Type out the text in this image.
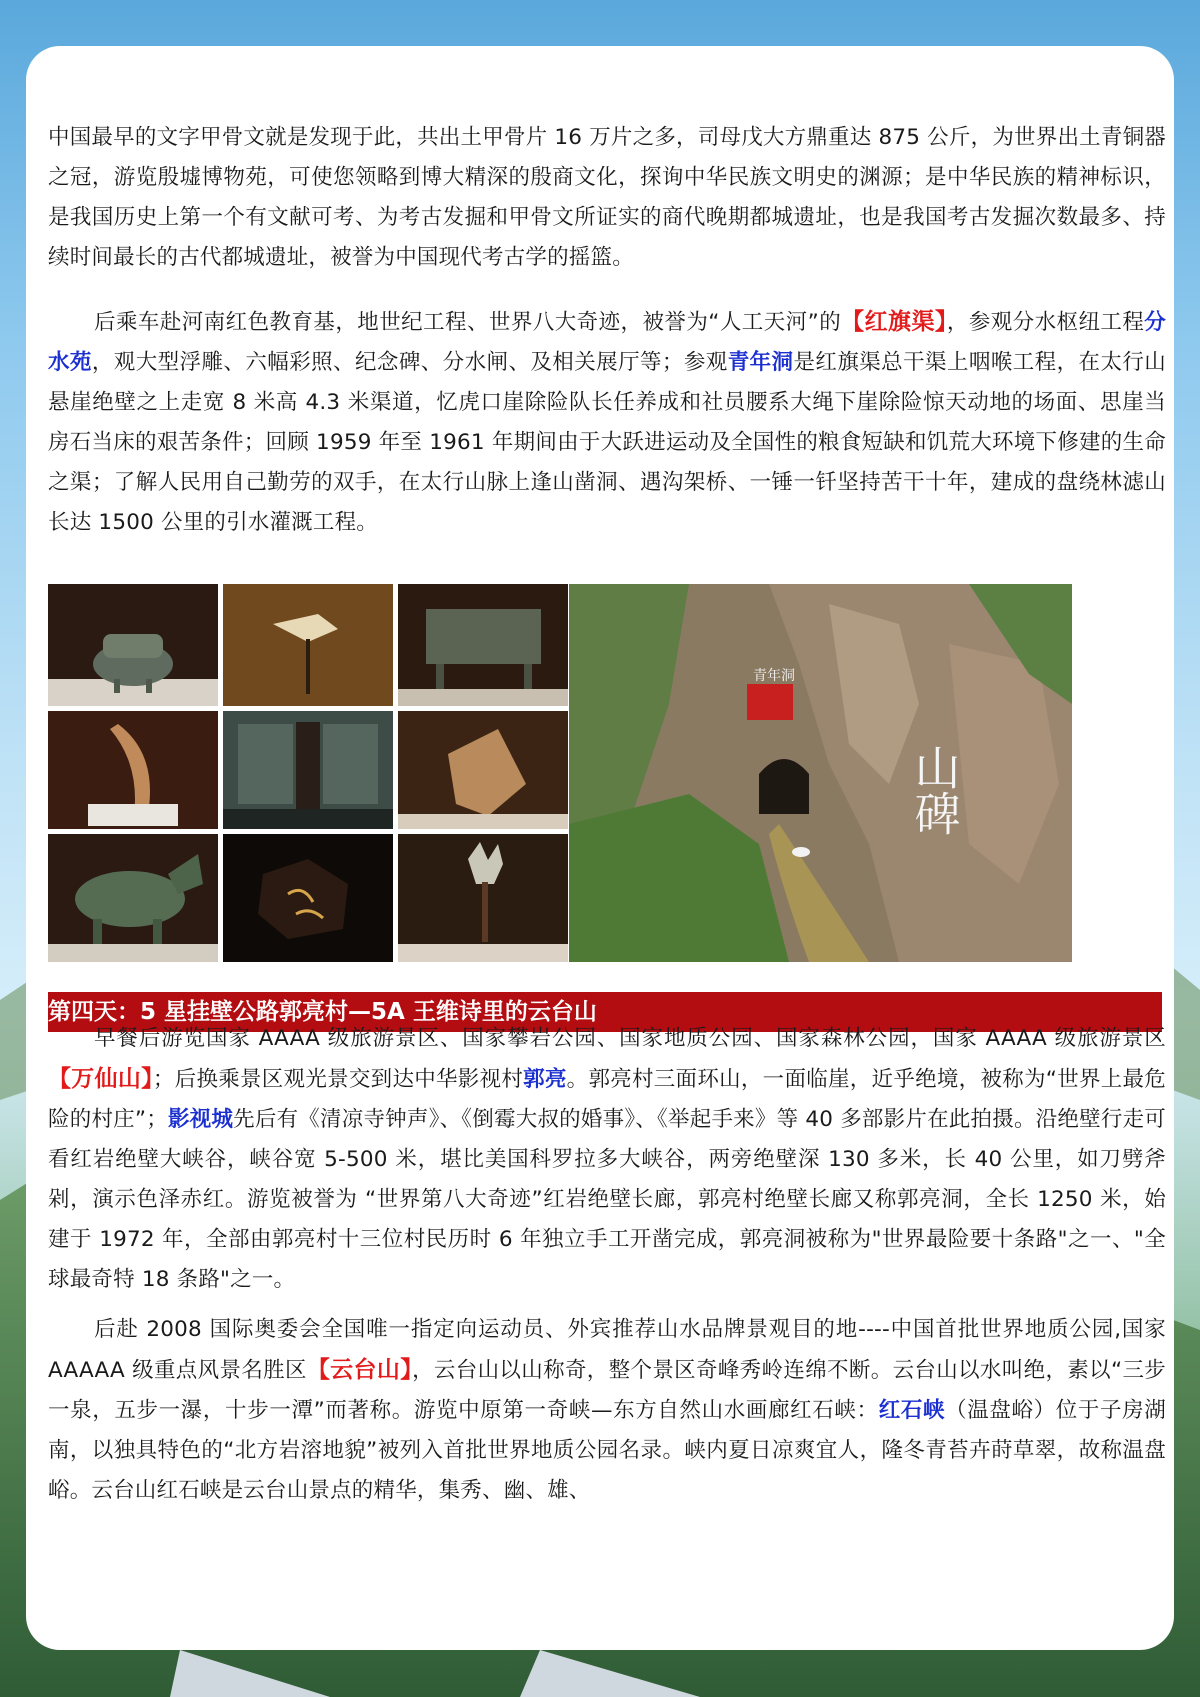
中国最早的文字甲骨文就是发现于此，共出土甲骨片 16 万片之多，司母戊大方鼎重达 875 公斤，为世界出土青铜器之冠，游览殷墟博物苑，可使您领略到博大精深的殷商文化，探询中华民族文明史的渊源；是中华民族的精神标识，是我国历史上第一个有文献可考、为考古发掘和甲骨文所证实的商代晚期都城遗址，也是我国考古发掘次数最多、持续时间最长的古代都城遗址，被誉为中国现代考古学的摇篮。

后乘车赴河南红色教育基，地世纪工程、世界八大奇迹，被誉为“人工天河”的【红旗渠】，参观分水枢纽工程分水苑，观大型浮雕、六幅彩照、纪念碑、分水闸、及相关展厅等；参观青年洞是红旗渠总干渠上咽喉工程，在太行山悬崖绝壁之上走宽 8 米高 4.3 米渠道，忆虎口崖除险队长任养成和社员腰系大绳下崖除险惊天动地的场面、思崖当房石当床的艰苦条件；回顾 1959 年至 1961 年期间由于大跃进运动及全国性的粮食短缺和饥荒大环境下修建的生命之渠；了解人民用自己勤劳的双手，在太行山脉上逢山凿洞、遇沟架桥、一锤一钎坚持苦干十年，建成的盘绕林滤山长达 1500 公里的引水灌溉工程。

青年洞
山碑
第四天：5 星挂壁公路郭亮村—5A 王维诗里的云台山

早餐后游览国家 AAAA 级旅游景区、国家攀岩公园、国家地质公园、国家森林公园，国家 AAAA 级旅游景区【万仙山】；后换乘景区观光景交到达中华影视村郭亮。郭亮村三面环山，一面临崖，近乎绝境，被称为“世界上最危险的村庄”；影视城先后有《清凉寺钟声》、《倒霉大叔的婚事》、《举起手来》等 40 多部影片在此拍摄。沿绝壁行走可看红岩绝壁大峡谷，峡谷宽 5-500 米，堪比美国科罗拉多大峡谷，两旁绝壁深 130 多米，长 40 公里，如刀劈斧剁，演示色泽赤红。游览被誉为 “世界第八大奇迹”红岩绝壁长廊，郭亮村绝壁长廊又称郭亮洞，全长 1250 米，始建于 1972 年，全部由郭亮村十三位村民历时 6 年独立手工开凿完成，郭亮洞被称为"世界最险要十条路"之一、"全球最奇特 18 条路"之一。

后赴 2008 国际奥委会全国唯一指定向运动员、外宾推荐山水品牌景观目的地----中国首批世界地质公园,国家 AAAAA 级重点风景名胜区【云台山】，云台山以山称奇，整个景区奇峰秀岭连绵不断。云台山以水叫绝，素以“三步一泉，五步一瀑，十步一潭”而著称。游览中原第一奇峡—东方自然山水画廊红石峡：红石峡（温盘峪）位于子房湖南，以独具特色的“北方岩溶地貌”被列入首批世界地质公园名录。峡内夏日凉爽宜人，隆冬青苔卉莳草翠，故称温盘峪。云台山红石峡是云台山景点的精华，集秀、幽、雄、
